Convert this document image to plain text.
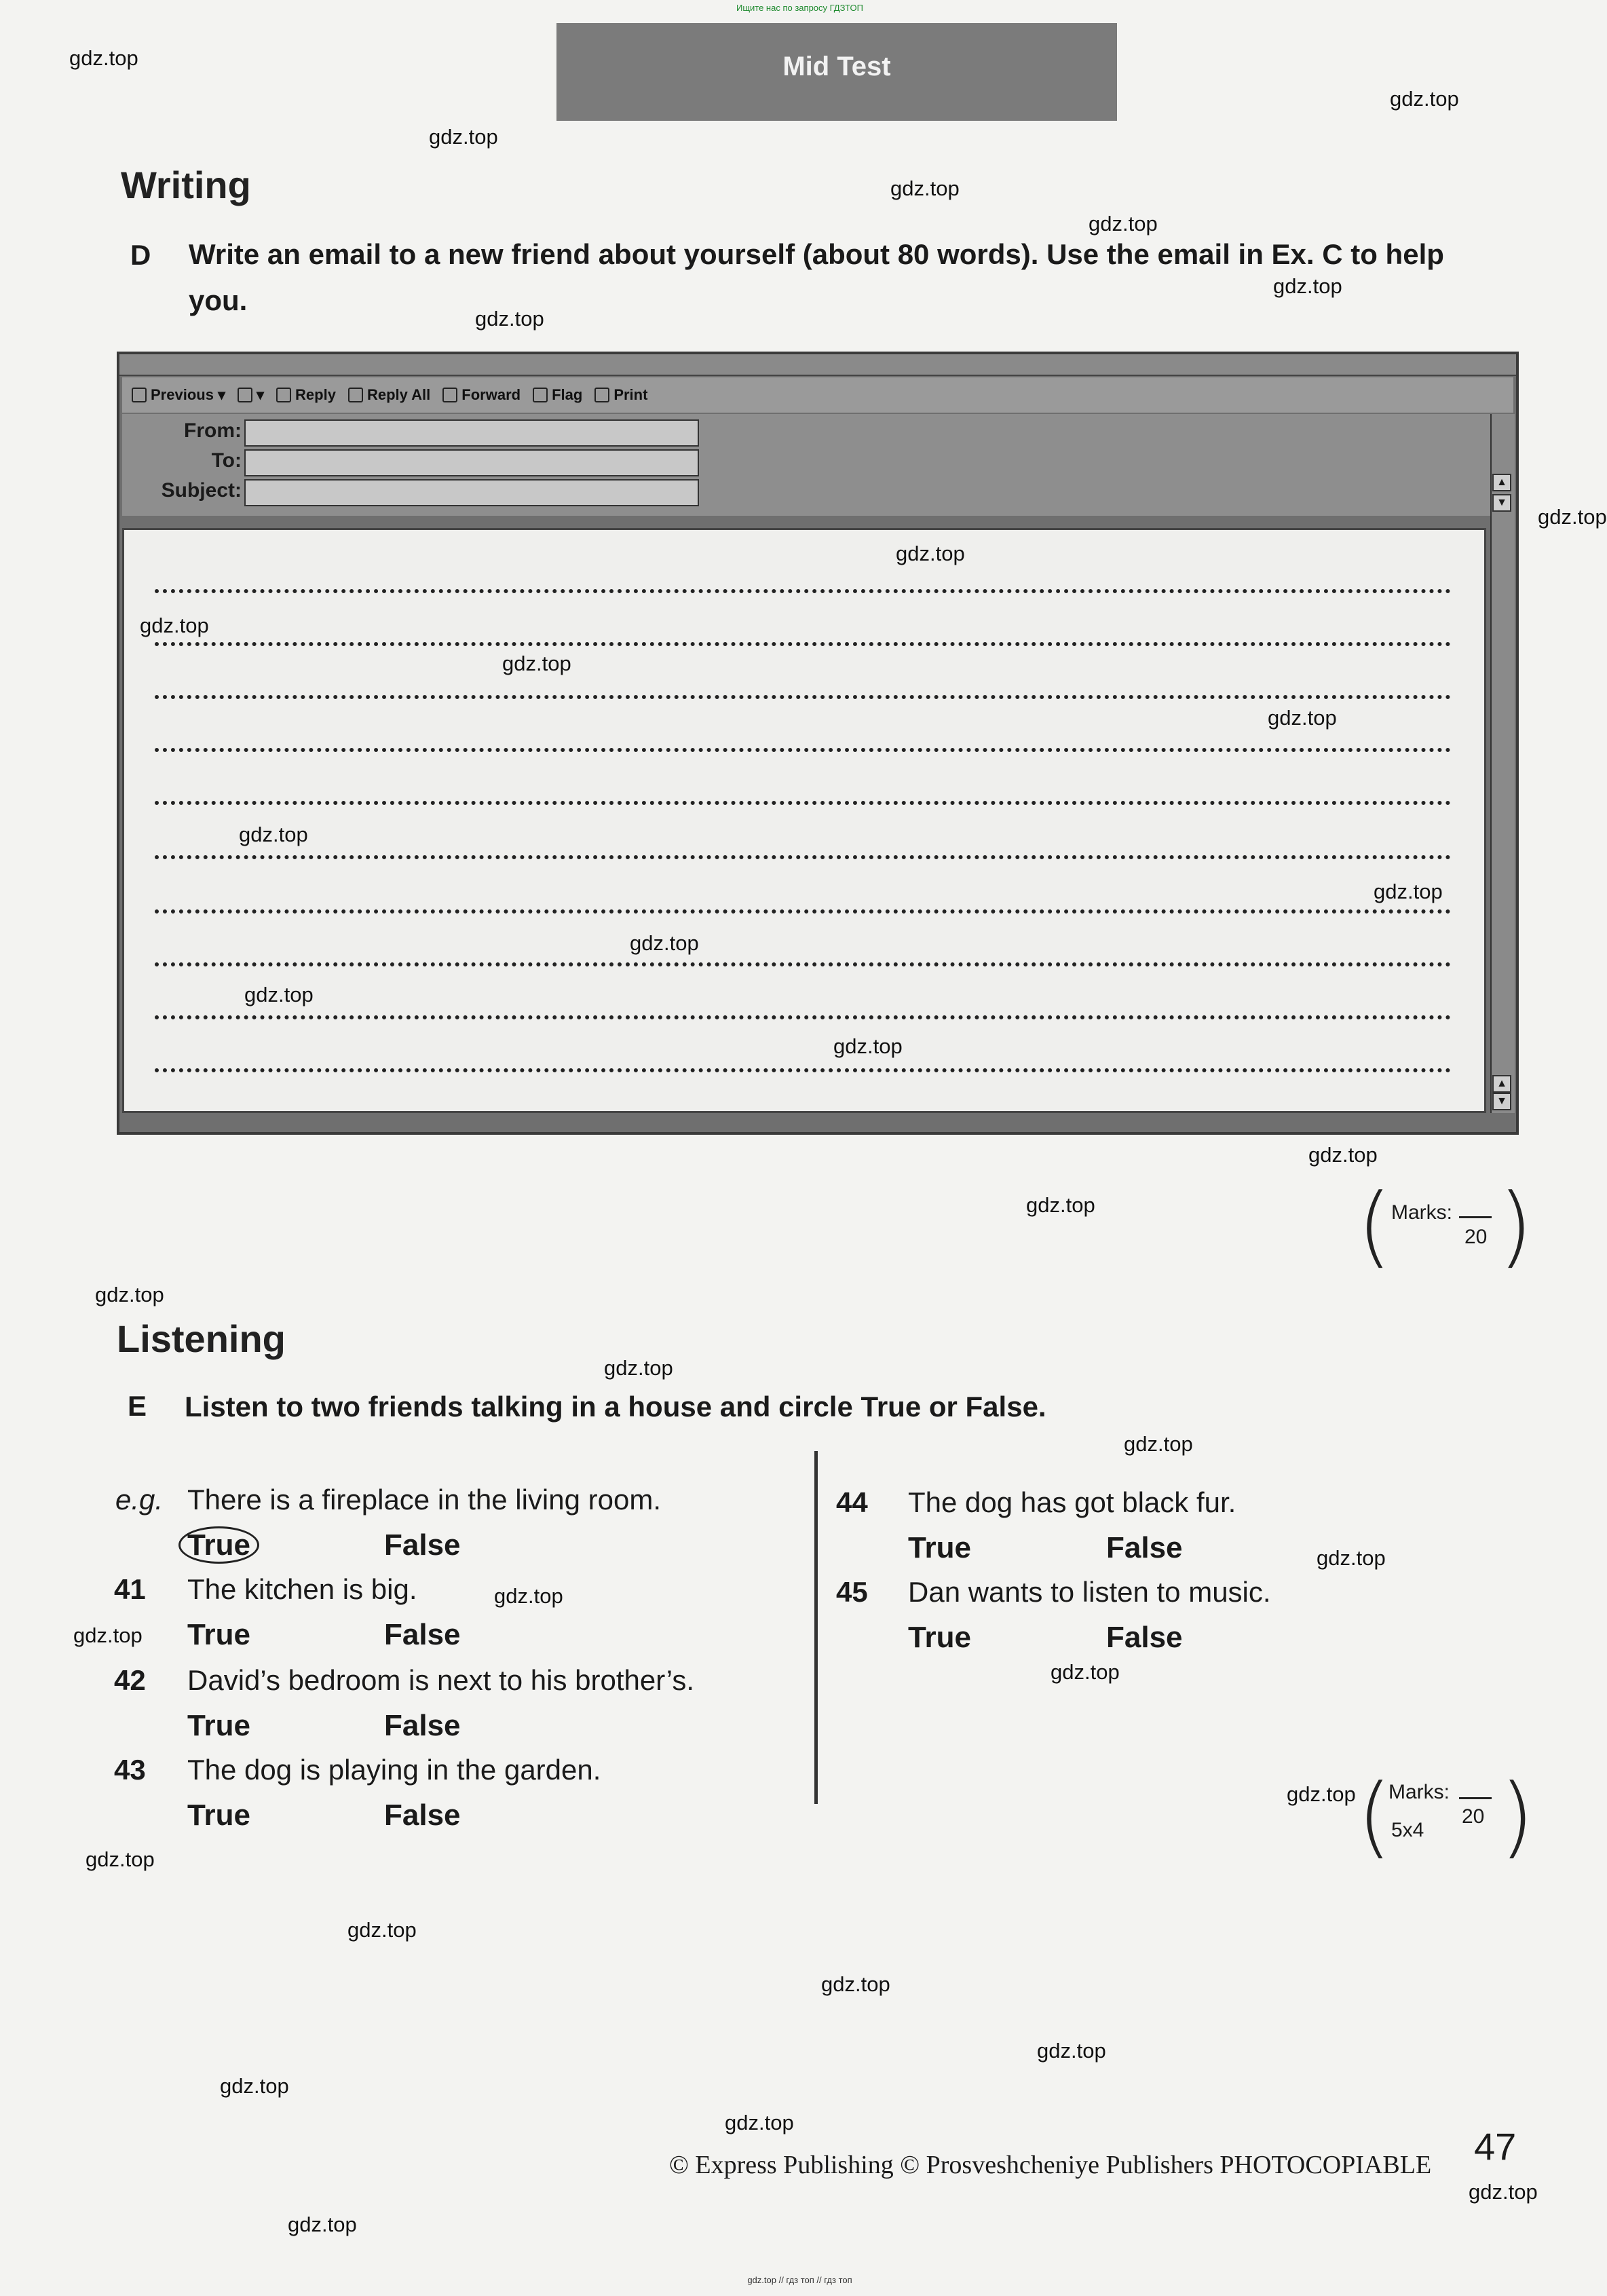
Ищите нас по запросу ГДЗТОП
Mid Test
Writing
D Write an email to a new friend about yourself (about 80 words). Use the email in Ex. C to help
you.
Previous ▾	▾ Reply Reply All Forward Flag Print
From:
To:
Subject:	▲
▼
▲
▼
( Marks:
20 )
Listening
E Listen to two friends talking in a house and circle True or False.
e.g. There is a fireplace in the living room.
True	False
41 The kitchen is big.
True	False
42 David’s bedroom is next to his brother’s.
True	False
43 The dog is playing in the garden.
True	False
44 The dog has got black fur.
True	False
45 Dan wants to listen to music.
True	False
(
Marks:
5x4
20 )
© Express Publishing © Prosveshcheniye Publishers PHOTOCOPIABLE 47
gdz.top // гдз топ // гдз топ
gdz.top
gdz.top
gdz.top
gdz.top
gdz.top
gdz.top
gdz.top
gdz.top
gdz.top
gdz.top
gdz.top
gdz.top
gdz.top
gdz.top
gdz.top
gdz.top
gdz.top
gdz.top
gdz.top
gdz.top
gdz.top
gdz.top
gdz.top
gdz.top
gdz.top
gdz.top
gdz.top
gdz.top
gdz.top
gdz.top
gdz.top
gdz.top
gdz.top
gdz.top
gdz.top
